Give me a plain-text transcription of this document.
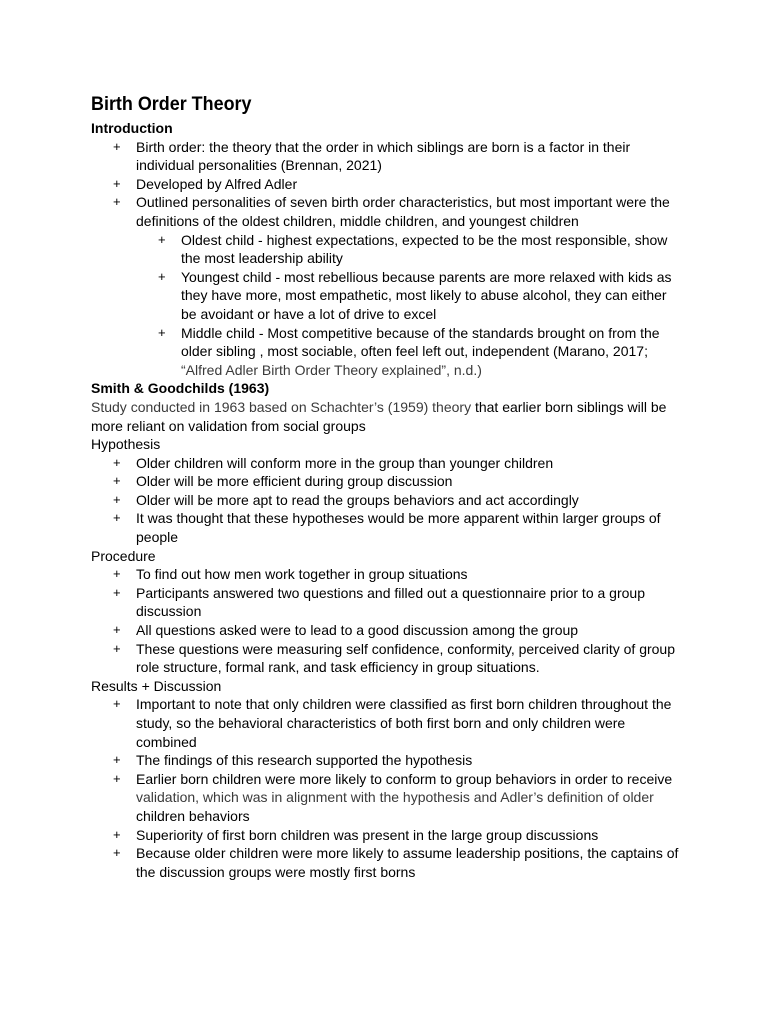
Birth Order Theory
Introduction
+ Birth order: the theory that the order in which siblings are born is a factor in their individual personalities (Brennan, 2021)
+ Developed by Alfred Adler
+ Outlined personalities of seven birth order characteristics, but most important were the definitions of the oldest children, middle children, and youngest children
+ Oldest child - highest expectations, expected to be the most responsible, show the most leadership ability
+ Youngest child - most rebellious because parents are more relaxed with kids as they have more, most empathetic, most likely to abuse alcohol, they can either be avoidant or have a lot of drive to excel
+ Middle child - Most competitive because of the standards brought on from the older sibling , most sociable, often feel left out, independent (Marano, 2017;
“Alfred Adler Birth Order Theory explained”, n.d.)
Smith & Goodchilds (1963)

Study conducted in 1963 based on Schachter’s (1959) theory that earlier born siblings will be more reliant on validation from social groups

Hypothesis
+ Older children will conform more in the group than younger children
+ Older will be more efficient during group discussion
+ Older will be more apt to read the groups behaviors and act accordingly
+ It was thought that these hypotheses would be more apparent within larger groups of people
Procedure
+ To find out how men work together in group situations
+ Participants answered two questions and filled out a questionnaire prior to a group discussion
+ All questions asked were to lead to a good discussion among the group
+ These questions were measuring self confidence, conformity, perceived clarity of group role structure, formal rank, and task efficiency in group situations.
Results + Discussion
+ Important to note that only children were classified as first born children throughout the study, so the behavioral characteristics of both first born and only children were combined
+ The findings of this research supported the hypothesis
+ Earlier born children were more likely to conform to group behaviors in order to receive
validation, which was in alignment with the hypothesis and Adler’s definition of older
children behaviors
+ Superiority of first born children was present in the large group discussions
+ Because older children were more likely to assume leadership positions, the captains of the discussion groups were mostly first borns
